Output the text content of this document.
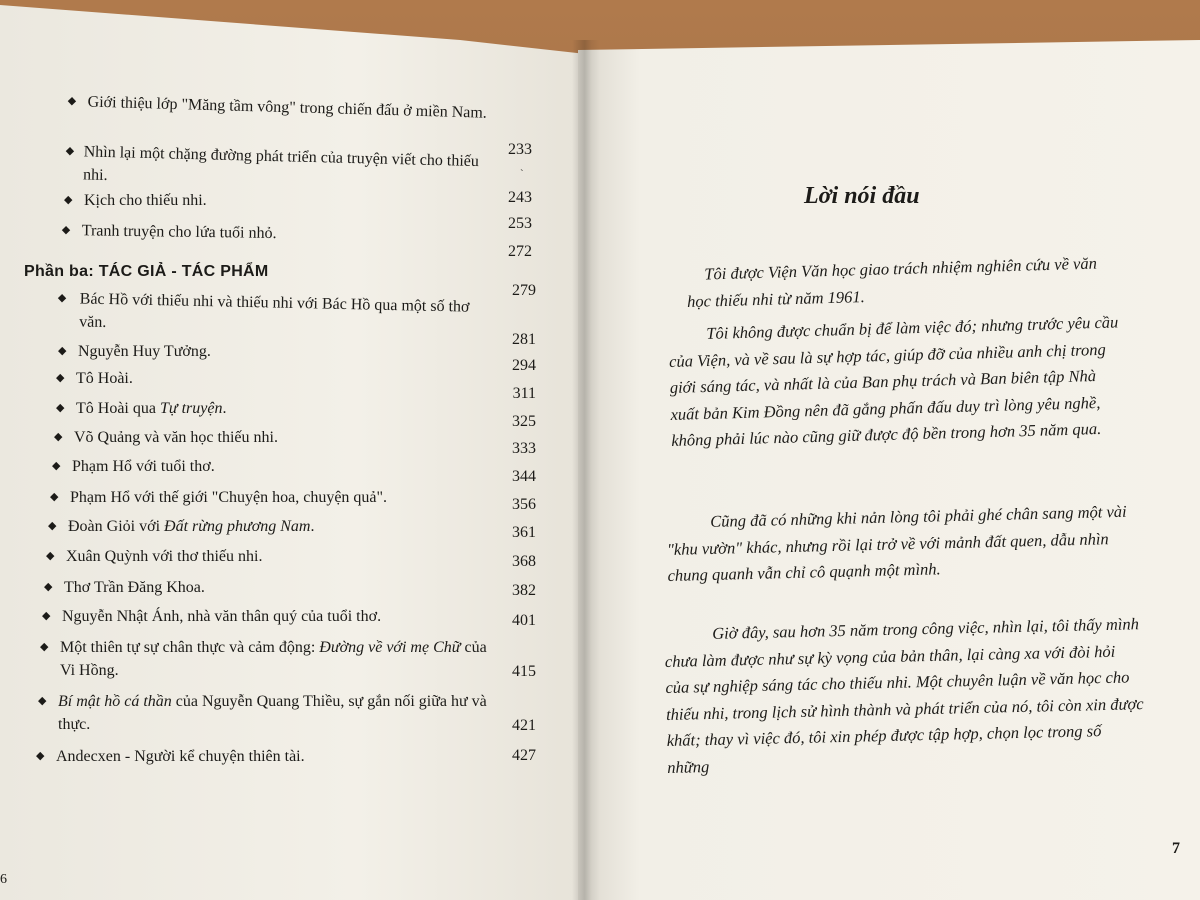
◆ Giới thiệu lớp "Măng tầm vông" trong chiến đấu ở miền Nam.
◆ Nhìn lại một chặng đường phát triển của truyện viết cho thiếu nhi.
◆ Kịch cho thiếu nhi.
◆ Tranh truyện cho lứa tuổi nhỏ.
233
ˋ
243
253
272
Phần ba: TÁC GIẢ - TÁC PHẨM
◆ Bác Hồ với thiếu nhi và thiếu nhi với Bác Hồ qua một số thơ văn.
◆ Nguyễn Huy Tưởng.
◆ Tô Hoài.
◆ Tô Hoài qua Tự truyện.
◆ Võ Quảng và văn học thiếu nhi.
◆ Phạm Hổ với tuổi thơ.
◆ Phạm Hổ với thế giới "Chuyện hoa, chuyện quả".
◆ Đoàn Giỏi với Đất rừng phương Nam.
◆ Xuân Quỳnh với thơ thiếu nhi.
◆ Thơ Trần Đăng Khoa.
◆ Nguyễn Nhật Ánh, nhà văn thân quý của tuổi thơ.
◆ Một thiên tự sự chân thực và cảm động: Đường về với mẹ Chữ của Vi Hồng.
◆ Bí mật hồ cá thần của Nguyễn Quang Thiều, sự gắn nối giữa hư và thực.
◆ Andecxen - Người kể chuyện thiên tài.
279
281
294
311
325
333
344
356
361
368
382
401
415
421
427
6
Lời nói đầu
Tôi được Viện Văn học giao trách nhiệm nghiên cứu về văn học thiếu nhi từ năm 1961.
Tôi không được chuẩn bị để làm việc đó; nhưng trước yêu cầu của Viện, và về sau là sự hợp tác, giúp đỡ của nhiều anh chị trong giới sáng tác, và nhất là của Ban phụ trách và Ban biên tập Nhà xuất bản Kim Đồng nên đã gắng phấn đấu duy trì lòng yêu nghề, không phải lúc nào cũng giữ được độ bền trong hơn 35 năm qua.
Cũng đã có những khi nản lòng tôi phải ghé chân sang một vài "khu vườn" khác, nhưng rồi lại trở về với mảnh đất quen, dẫu nhìn chung quanh vẫn chỉ cô quạnh một mình.
Giờ đây, sau hơn 35 năm trong công việc, nhìn lại, tôi thấy mình chưa làm được như sự kỳ vọng của bản thân, lại càng xa với đòi hỏi của sự nghiệp sáng tác cho thiếu nhi. Một chuyên luận về văn học cho thiếu nhi, trong lịch sử hình thành và phát triển của nó, tôi còn xin được khất; thay vì việc đó, tôi xin phép được tập hợp, chọn lọc trong số những
7
